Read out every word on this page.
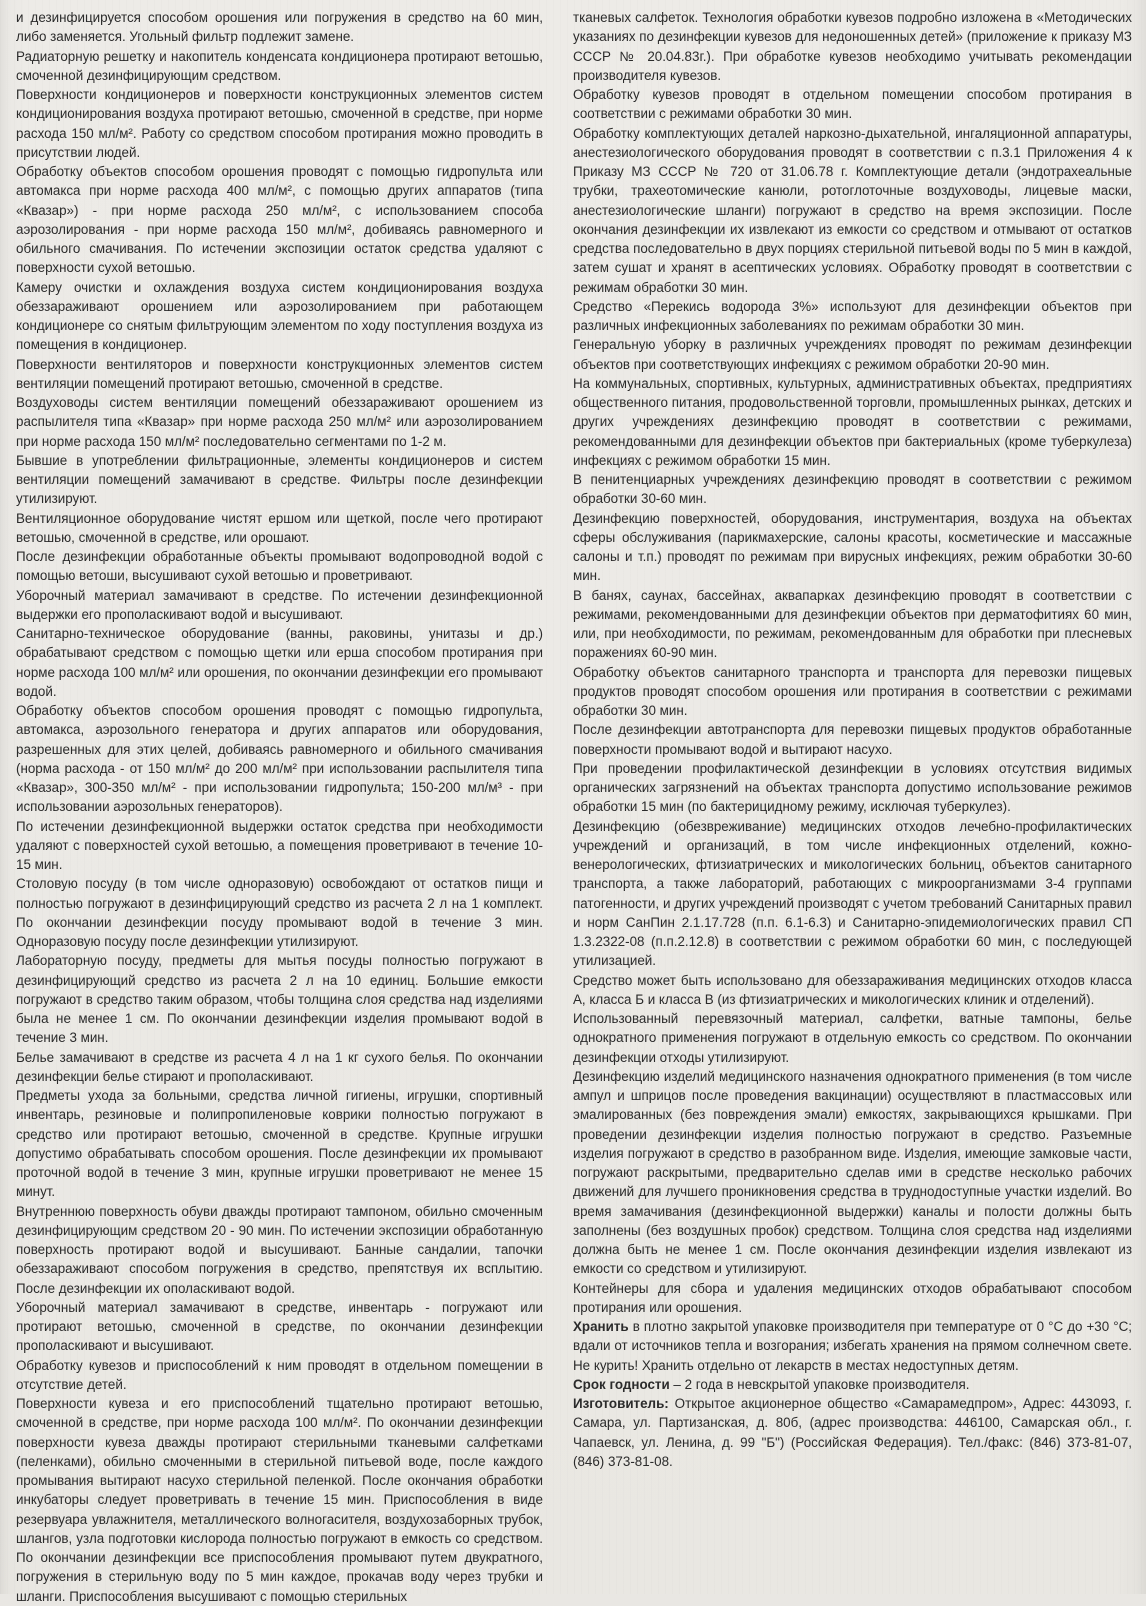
и дезинфицируется способом орошения или погружения в средство на 60 мин, либо заменяется. Угольный фильтр подлежит замене.

Радиаторную решетку и накопитель конденсата кондиционера протирают ветошью, смоченной дезинфицирующим средством.

Поверхности кондиционеров и поверхности конструкционных элементов систем кондиционирования воздуха протирают ветошью, смоченной в средстве, при норме расхода 150 мл/м². Работу со средством способом протирания можно проводить в присутствии людей.

Обработку объектов способом орошения проводят с помощью гидропульта или автомакса при норме расхода 400 мл/м², с помощью других аппаратов (типа «Квазар») - при норме расхода 250 мл/м², с использованием способа аэрозолирования - при норме расхода 150 мл/м², добиваясь равномерного и обильного смачивания. По истечении экспозиции остаток средства удаляют с поверхности сухой ветошью.

Камеру очистки и охлаждения воздуха систем кондиционирования воздуха обеззараживают орошением или аэрозолированием при работающем кондиционере со снятым фильтрующим элементом по ходу поступления воздуха из помещения в кондиционер.

Поверхности вентиляторов и поверхности конструкционных элементов систем вентиляции помещений протирают ветошью, смоченной в средстве.

Воздуховоды систем вентиляции помещений обеззараживают орошением из распылителя типа «Квазар» при норме расхода 250 мл/м² или аэрозолированием при норме расхода 150 мл/м² последовательно сегментами по 1-2 м.

Бывшие в употреблении фильтрационные, элементы кондиционеров и систем вентиляции помещений замачивают в средстве. Фильтры после дезинфекции утилизируют.

Вентиляционное оборудование чистят ершом или щеткой, после чего протирают ветошью, смоченной в средстве, или орошают.

После дезинфекции обработанные объекты промывают водопроводной водой с помощью ветоши, высушивают сухой ветошью и проветривают.

Уборочный материал замачивают в средстве. По истечении дезинфекционной выдержки его прополаскивают водой и высушивают.

Санитарно-техническое оборудование (ванны, раковины, унитазы и др.) обрабатывают средством с помощью щетки или ерша способом протирания при норме расхода 100 мл/м² или орошения, по окончании дезинфекции его промывают водой.

Обработку объектов способом орошения проводят с помощью гидропульта, автомакса, аэрозольного генератора и других аппаратов или оборудования, разрешенных для этих целей, добиваясь равномерного и обильного смачивания (норма расхода - от 150 мл/м² до 200 мл/м² при использовании распылителя типа «Квазар», 300-350 мл/м² - при использовании гидропульта; 150-200 мл/м³ - при использовании аэрозольных генераторов).

По истечении дезинфекционной выдержки остаток средства при необходимости удаляют с поверхностей сухой ветошью, а помещения проветривают в течение 10-15 мин.

Столовую посуду (в том числе одноразовую) освобождают от остатков пищи и полностью погружают в дезинфицирующий средство из расчета 2 л на 1 комплект. По окончании дезинфекции посуду промывают водой в течение 3 мин. Одноразовую посуду после дезинфекции утилизируют.

Лабораторную посуду, предметы для мытья посуды полностью погружают в дезинфицирующий средство из расчета 2 л на 10 единиц. Большие емкости погружают в средство таким образом, чтобы толщина слоя средства над изделиями была не менее 1 см. По окончании дезинфекции изделия промывают водой в течение 3 мин.

Белье замачивают в средстве из расчета 4 л на 1 кг сухого белья. По окончании дезинфекции белье стирают и прополаскивают.

Предметы ухода за больными, средства личной гигиены, игрушки, спортивный инвентарь, резиновые и полипропиленовые коврики полностью погружают в средство или протирают ветошью, смоченной в средстве. Крупные игрушки допустимо обрабатывать способом орошения. После дезинфекции их промывают проточной водой в течение 3 мин, крупные игрушки проветривают не менее 15 минут.

Внутреннюю поверхность обуви дважды протирают тампоном, обильно смоченным дезинфицирующим средством 20 - 90 мин. По истечении экспозиции обработанную поверхность протирают водой и высушивают. Банные сандалии, тапочки обеззараживают способом погружения в средство, препятствуя их всплытию. После дезинфекции их ополаскивают водой.

Уборочный материал замачивают в средстве, инвентарь - погружают или протирают ветошью, смоченной в средстве, по окончании дезинфекции прополаскивают и высушивают.

Обработку кувезов и приспособлений к ним проводят в отдельном помещении в отсутствие детей.

Поверхности кувеза и его приспособлений тщательно протирают ветошью, смоченной в средстве, при норме расхода 100 мл/м². По окончании дезинфекции поверхности кувеза дважды протирают стерильными тканевыми салфетками (пеленками), обильно смоченными в стерильной питьевой воде, после каждого промывания вытирают насухо стерильной пеленкой. После окончания обработки инкубаторы следует проветривать в течение 15 мин. Приспособления в виде резервуара увлажнителя, металлического волногасителя, воздухозаборных трубок, шлангов, узла подготовки кислорода полностью погружают в емкость со средством. По окончании дезинфекции все приспособления промывают путем двукратного, погружения в стерильную воду по 5 мин каждое, прокачав воду через трубки и шланги. Приспособления высушивают с помощью стерильных

тканевых салфеток. Технология обработки кувезов подробно изложена в «Методических указаниях по дезинфекции кувезов для недоношенных детей» (приложение к приказу МЗ СССР № 20.04.83г.). При обработке кувезов необходимо учитывать рекомендации производителя кувезов.

Обработку кувезов проводят в отдельном помещении способом протирания в соответствии с режимами обработки 30 мин.

Обработку комплектующих деталей наркозно-дыхательной, ингаляционной аппаратуры, анестезиологического оборудования проводят в соответствии с п.3.1 Приложения 4 к Приказу МЗ СССР № 720 от 31.06.78 г. Комплектующие детали (эндотрахеальные трубки, трахеотомические канюли, ротоглоточные воздуховоды, лицевые маски, анестезиологические шланги) погружают в средство на время экспозиции. После окончания дезинфекции их извлекают из емкости со средством и отмывают от остатков средства последовательно в двух порциях стерильной питьевой воды по 5 мин в каждой, затем сушат и хранят в асептических условиях. Обработку проводят в соответствии с режимам обработки 30 мин.

Средство «Перекись водорода 3%» используют для дезинфекции объектов при различных инфекционных заболеваниях по режимам обработки 30 мин.

Генеральную уборку в различных учреждениях проводят по режимам дезинфекции объектов при соответствующих инфекциях с режимом обработки 20-90 мин.

На коммунальных, спортивных, культурных, административных объектах, предприятиях общественного питания, продовольственной торговли, промышленных рынках, детских и других учреждениях дезинфекцию проводят в соответствии с режимами, рекомендованными для дезинфекции объектов при бактериальных (кроме туберкулеза) инфекциях с режимом обработки 15 мин.

В пенитенциарных учреждениях дезинфекцию проводят в соответствии с режимом обработки 30-60 мин.

Дезинфекцию поверхностей, оборудования, инструментария, воздуха на объектах сферы обслуживания (парикмахерские, салоны красоты, косметические и массажные салоны и т.п.) проводят по режимам при вирусных инфекциях, режим обработки 30-60 мин.

В банях, саунах, бассейнах, аквапарках дезинфекцию проводят в соответствии с режимами, рекомендованными для дезинфекции объектов при дерматофитиях 60 мин, или, при необходимости, по режимам, рекомендованным для обработки при плесневых поражениях 60-90 мин.

Обработку объектов санитарного транспорта и транспорта для перевозки пищевых продуктов проводят способом орошения или протирания в соответствии с режимами обработки 30 мин.

После дезинфекции автотранспорта для перевозки пищевых продуктов обработанные поверхности промывают водой и вытирают насухо.

При проведении профилактической дезинфекции в условиях отсутствия видимых органических загрязнений на объектах транспорта допустимо использование режимов обработки 15 мин (по бактерицидному режиму, исключая туберкулез).

Дезинфекцию (обезвреживание) медицинских отходов лечебно-профилактических учреждений и организаций, в том числе инфекционных отделений, кожно-венерологических, фтизиатрических и микологических больниц, объектов санитарного транспорта, а также лабораторий, работающих с микроорганизмами 3-4 группами патогенности, и других учреждений производят с учетом требований Санитарных правил и норм СанПин 2.1.17.728 (п.п. 6.1-6.3) и Санитарно-эпидемиологических правил СП 1.3.2322-08 (п.п.2.12.8) в соответствии с режимом обработки 60 мин, с последующей утилизацией.

Средство может быть использовано для обеззараживания медицинских отходов класса А, класса Б и класса В (из фтизиатрических и микологических клиник и отделений).

Использованный перевязочный материал, салфетки, ватные тампоны, белье однократного применения погружают в отдельную емкость со средством. По окончании дезинфекции отходы утилизируют.

Дезинфекцию изделий медицинского назначения однократного применения (в том числе ампул и шприцов после проведения вакцинации) осуществляют в пластмассовых или эмалированных (без повреждения эмали) емкостях, закрывающихся крышками. При проведении дезинфекции изделия полностью погружают в средство. Разъемные изделия погружают в средство в разобранном виде. Изделия, имеющие замковые части, погружают раскрытыми, предварительно сделав ими в средстве несколько рабочих движений для лучшего проникновения средства в труднодоступные участки изделий. Во время замачивания (дезинфекционной выдержки) каналы и полости должны быть заполнены (без воздушных пробок) средством. Толщина слоя средства над изделиями должна быть не менее 1 см. После окончания дезинфекции изделия извлекают из емкости со средством и утилизируют.

Контейнеры для сбора и удаления медицинских отходов обрабатывают способом протирания или орошения.

Хранить в плотно закрытой упаковке производителя при температуре от 0 °С до +30 °С; вдали от источников тепла и возгорания; избегать хранения на прямом солнечном свете. Не курить! Хранить отдельно от лекарств в местах недоступных детям.

Срок годности – 2 года в невскрытой упаковке производителя.

Изготовитель: Открытое акционерное общество «Самарамедпром», Адрес: 443093, г. Самара, ул. Партизанская, д. 80б, (адрес производства: 446100, Самарская обл., г. Чапаевск, ул. Ленина, д. 99 "Б") (Российская Федерация). Тел./факс: (846) 373-81-07, (846) 373-81-08.
